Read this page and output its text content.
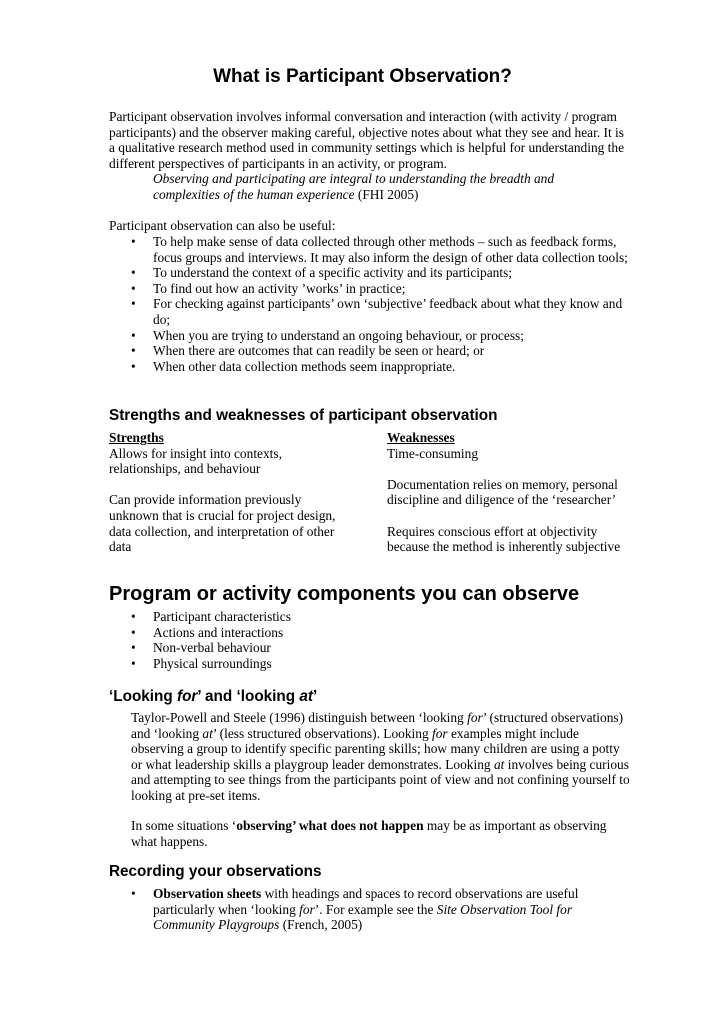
What is Participant Observation?

Participant observation involves informal conversation and interaction (with activity / program participants) and the observer making careful, objective notes about what they see and hear. It is a qualitative research method used in community settings which is helpful for understanding the different perspectives of participants in an activity, or program.

Observing and participating are integral to understanding the breadth and complexities of the human experience (FHI 2005)

Participant observation can also be useful:

• To help make sense of data collected through other methods – such as feedback forms, focus groups and interviews. It may also inform the design of other data collection tools;
• To understand the context of a specific activity and its participants;
• To find out how an activity ’works’ in practice;
• For checking against participants’ own ‘subjective’ feedback about what they know and do;
• When you are trying to understand an ongoing behaviour, or process;
• When there are outcomes that can readily be seen or heard; or
• When other data collection methods seem inappropriate.
Strengths and weaknesses of participant observation
Strengths

Allows for insight into contexts, relationships, and behaviour

Can provide information previously unknown that is crucial for project design, data collection, and interpretation of other data

Weaknesses

Time-consuming

Documentation relies on memory, personal discipline and diligence of the ‘researcher’

Requires conscious effort at objectivity because the method is inherently subjective

Program or activity components you can observe
• Participant characteristics
• Actions and interactions
• Non-verbal behaviour
• Physical surroundings
‘Looking for’ and ‘looking at’

Taylor-Powell and Steele (1996) distinguish between ‘looking for’ (structured observations) and ‘looking at’ (less structured observations). Looking for examples might include observing a group to identify specific parenting skills; how many children are using a potty or what leadership skills a playgroup leader demonstrates. Looking at involves being curious and attempting to see things from the participants point of view and not confining yourself to looking at pre-set items.

In some situations ‘observing’ what does not happen may be as important as observing what happens.

Recording your observations
• Observation sheets with headings and spaces to record observations are useful particularly when ‘looking for’. For example see the Site Observation Tool for Community Playgroups (French, 2005)
